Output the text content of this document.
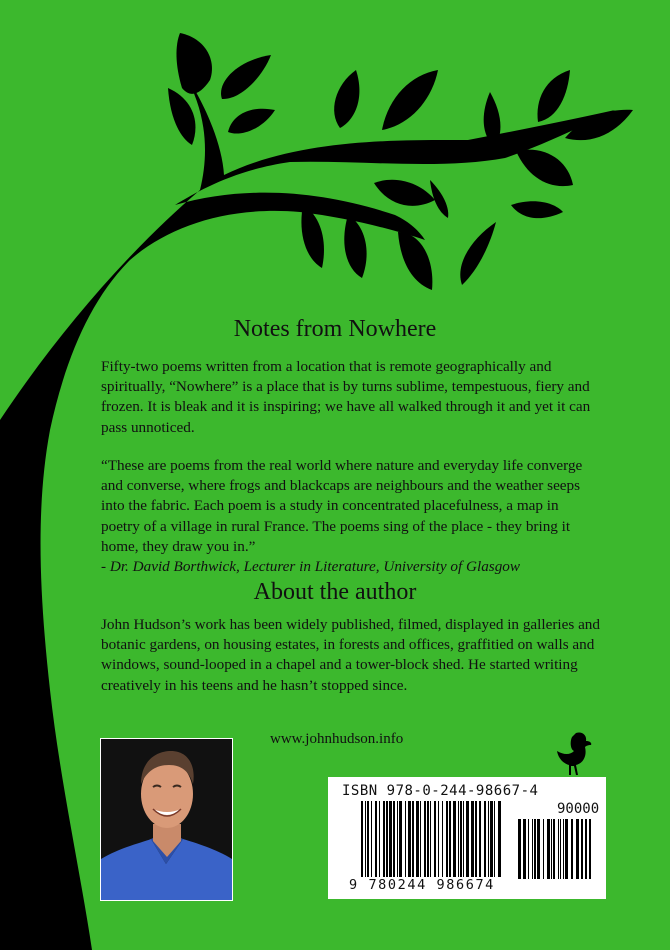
Notes from Nowhere
Fifty-two poems written from a location that is remote geographically and spiritually, “Nowhere” is a place that is by turns sublime, tempestuous, fiery and frozen. It is bleak and it is inspiring; we have all walked through it and yet it can pass unnoticed.
“These are poems from the real world where nature and everyday life converge and converse, where frogs and blackcaps are neighbours and the weather seeps into the fabric. Each poem is a study in concentrated placefulness, a map in poetry of a village in rural France. The poems sing of the place - they bring it home, they draw you in.”
- Dr. David Borthwick, Lecturer in Literature, University of Glasgow
About the author
John Hudson’s work has been widely published, filmed, displayed in galleries and botanic gardens, on housing estates, in forests and offices, graffitied on walls and windows, sound-looped in a chapel and a tower-block shed. He started writing creatively in his teens and he hasn’t stopped since.
www.johnhudson.info
ISBN 978-0-244-98667-4
90000
9 780244 986674
